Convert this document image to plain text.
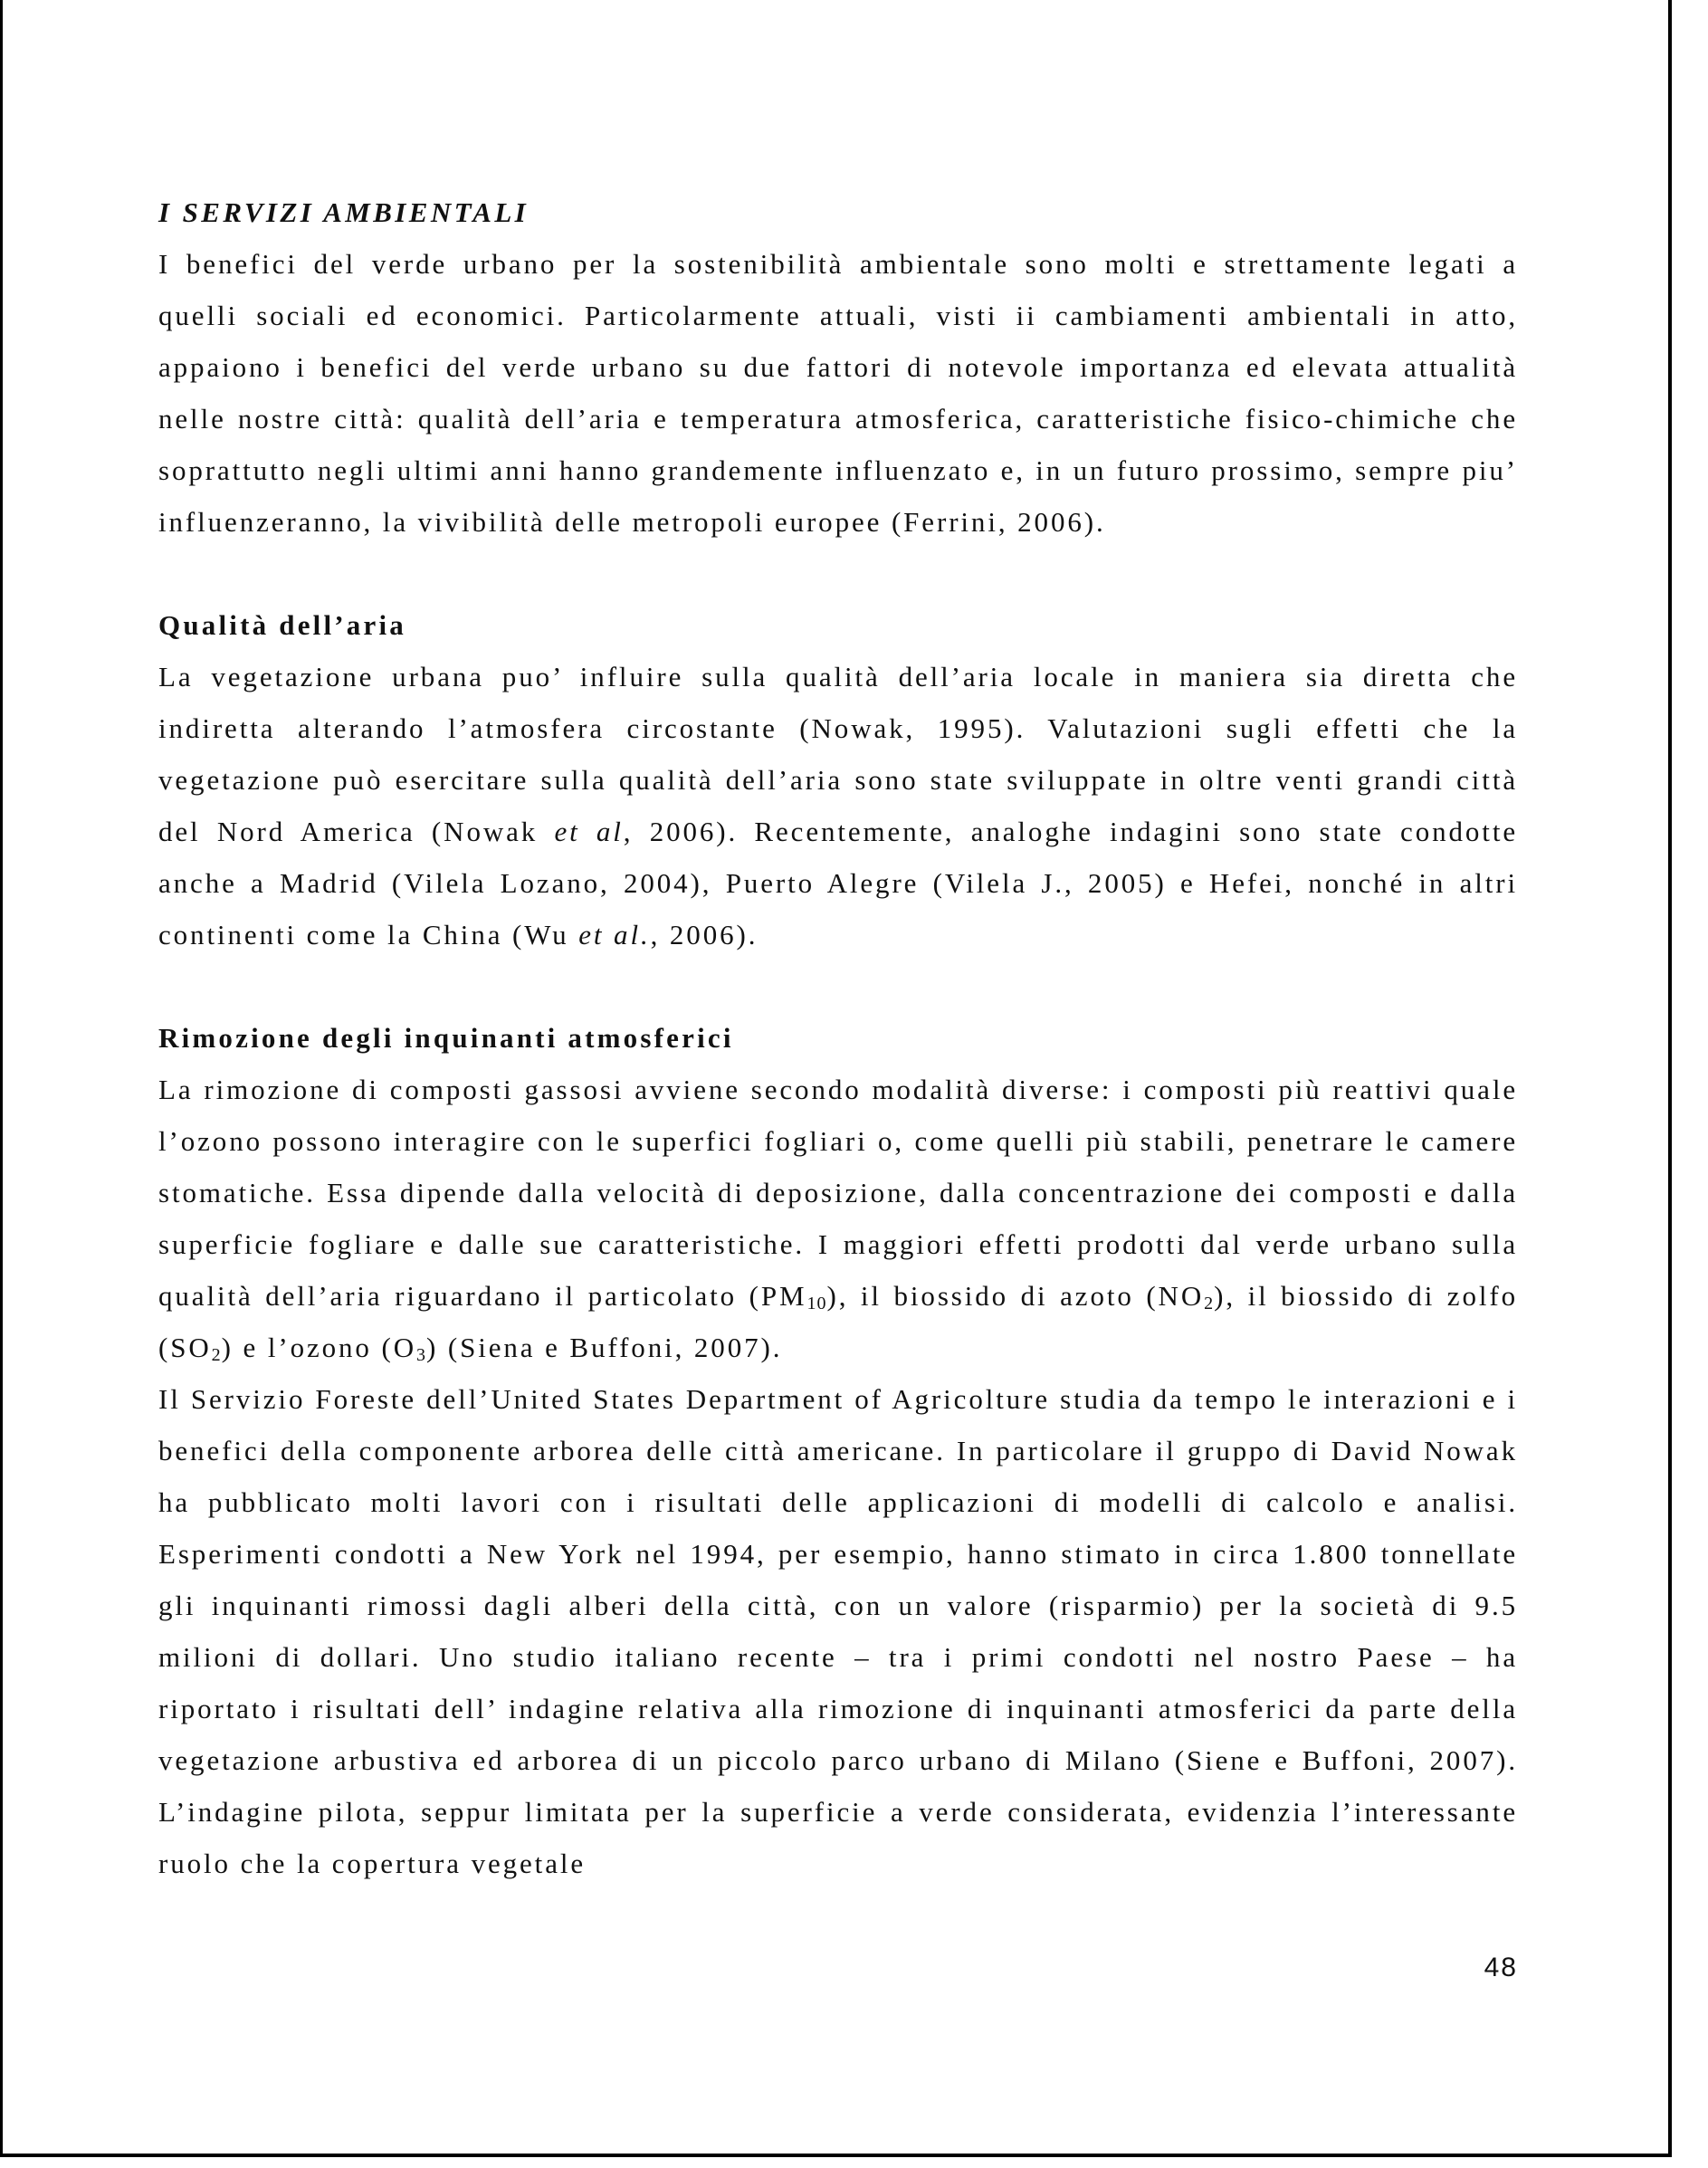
I SERVIZI AMBIENTALI

I benefici del verde urbano per la sostenibilità ambientale sono molti e strettamente legati a quelli sociali ed economici. Particolarmente attuali, visti ii cambiamenti ambientali in atto, appaiono i benefici del verde urbano su due fattori di notevole importanza ed elevata attualità nelle nostre città: qualità dell’aria e temperatura atmosferica, caratteristiche fisico-chimiche che soprattutto negli ultimi anni hanno grandemente influenzato e, in un futuro prossimo, sempre piu’ influenzeranno, la vivibilità delle metropoli europee (Ferrini, 2006).

Qualità dell’aria

La vegetazione urbana puo’ influire sulla qualità dell’aria locale in maniera sia diretta che indiretta alterando l’atmosfera circostante (Nowak, 1995). Valutazioni sugli effetti che la vegetazione può esercitare sulla qualità dell’aria sono state sviluppate in oltre venti grandi città del Nord America (Nowak et al, 2006). Recentemente, analoghe indagini sono state condotte anche a Madrid (Vilela Lozano, 2004), Puerto Alegre (Vilela J., 2005) e Hefei, nonché in altri continenti come la China (Wu et al., 2006).

Rimozione degli inquinanti atmosferici

La rimozione di composti gassosi avviene secondo modalità diverse: i composti più reattivi quale l’ozono possono interagire con le superfici fogliari o, come quelli più stabili, penetrare le camere stomatiche. Essa dipende dalla velocità di deposizione, dalla concentrazione dei composti e dalla superficie fogliare e dalle sue caratteristiche. I maggiori effetti prodotti dal verde urbano sulla qualità dell’aria riguardano il particolato $(PM_{10})$, il biossido di azoto $(NO_2)$, il biossido di zolfo $(SO_2)$ e l’ozono $(O_3)$ (Siena e Buffoni, 2007).

Il Servizio Foreste dell’United States Department of Agricolture studia da tempo le interazioni e i benefici della componente arborea delle città americane. In particolare il gruppo di David Nowak ha pubblicato molti lavori con i risultati delle applicazioni di modelli di calcolo e analisi. Esperimenti condotti a New York nel 1994, per esempio, hanno stimato in circa 1.800 tonnellate gli inquinanti rimossi dagli alberi della città, con un valore (risparmio) per la società di 9.5 milioni di dollari. Uno studio italiano recente – tra i primi condotti nel nostro Paese – ha riportato i risultati dell’ indagine relativa alla rimozione di inquinanti atmosferici da parte della vegetazione arbustiva ed arborea di un piccolo parco urbano di Milano (Siene e Buffoni, 2007). L’indagine pilota, seppur limitata per la superficie a verde considerata, evidenzia l’interessante ruolo che la copertura vegetale

48
